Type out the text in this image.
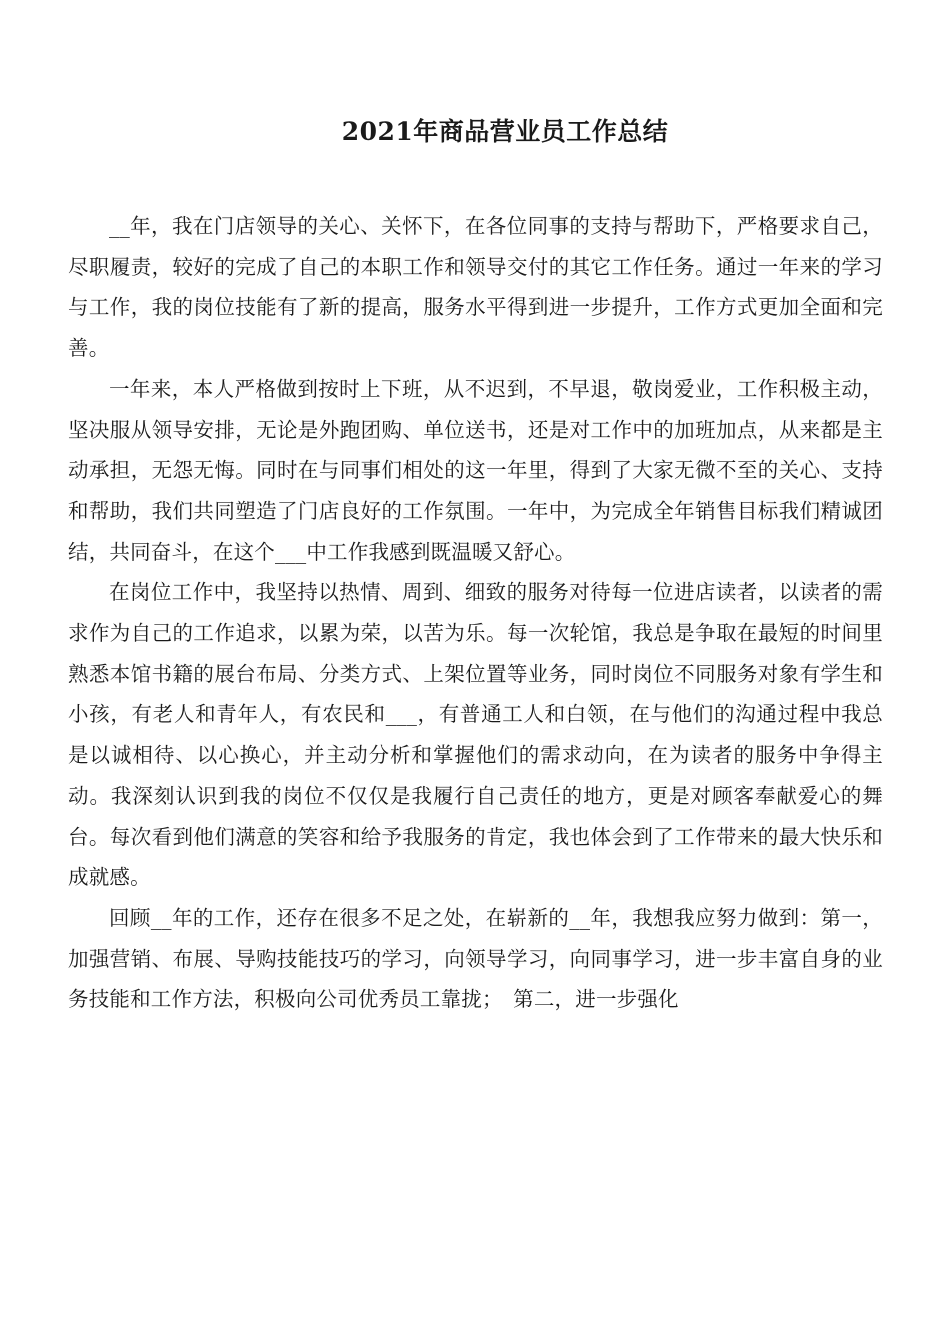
2021年商品营业员工作总结

__年，我在门店领导的关心、关怀下，在各位同事的支持与帮助下，严格要求自己，尽职履责，较好的完成了自己的本职工作和领导交付的其它工作任务。通过一年来的学习与工作，我的岗位技能有了新的提高，服务水平得到进一步提升，工作方式更加全面和完善。

一年来，本人严格做到按时上下班，从不迟到，不早退，敬岗爱业，工作积极主动，坚决服从领导安排，无论是外跑团购、单位送书，还是对工作中的加班加点，从来都是主动承担，无怨无悔。同时在与同事们相处的这一年里，得到了大家无微不至的关心、支持和帮助，我们共同塑造了门店良好的工作氛围。一年中，为完成全年销售目标我们精诚团结，共同奋斗，在这个___中工作我感到既温暖又舒心。

在岗位工作中，我坚持以热情、周到、细致的服务对待每一位进店读者，以读者的需求作为自己的工作追求，以累为荣，以苦为乐。每一次轮馆，我总是争取在最短的时间里熟悉本馆书籍的展台布局、分类方式、上架位置等业务，同时岗位不同服务对象有学生和小孩，有老人和青年人，有农民和___，有普通工人和白领，在与他们的沟通过程中我总是以诚相待、以心换心，并主动分析和掌握他们的需求动向，在为读者的服务中争得主动。我深刻认识到我的岗位不仅仅是我履行自己责任的地方，更是对顾客奉献爱心的舞台。每次看到他们满意的笑容和给予我服务的肯定，我也体会到了工作带来的最大快乐和成就感。

回顾__年的工作，还存在很多不足之处，在崭新的__年，我想我应努力做到：第一，加强营销、布展、导购技能技巧的学习，向领导学习，向同事学习，进一步丰富自身的业务技能和工作方法，积极向公司优秀员工靠拢；　第二，进一步强化
